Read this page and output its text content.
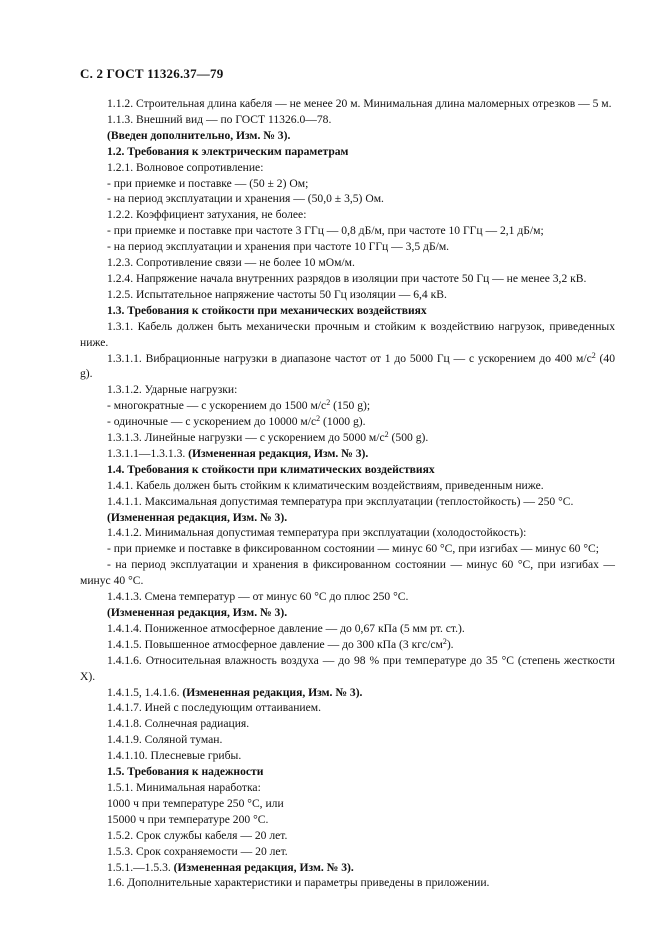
С. 2 ГОСТ 11326.37—79

1.1.2. Строительная длина кабеля — не менее 20 м. Минимальная длина маломерных отрезков — 5 м.

1.1.3. Внешний вид — по ГОСТ 11326.0—78.

(Введен дополнительно, Изм. № 3).

1.2. Требования к электрическим параметрам

1.2.1. Волновое сопротивление:

- при приемке и поставке — (50 ± 2) Ом;

- на период эксплуатации и хранения — (50,0 ± 3,5) Ом.

1.2.2. Коэффициент затухания, не более:

- при приемке и поставке при частоте 3 ГГц — 0,8 дБ/м, при частоте 10 ГГц — 2,1 дБ/м;

- на период эксплуатации и хранения при частоте 10 ГГц — 3,5 дБ/м.

1.2.3. Сопротивление связи — не более 10 мОм/м.

1.2.4. Напряжение начала внутренних разрядов в изоляции при частоте 50 Гц — не менее 3,2 кВ.

1.2.5. Испытательное напряжение частоты 50 Гц изоляции — 6,4 кВ.

1.3. Требования к стойкости при механических воздействиях

1.3.1. Кабель должен быть механически прочным и стойким к воздействию нагрузок, приведенных ниже.

1.3.1.1. Вибрационные нагрузки в диапазоне частот от 1 до 5000 Гц — с ускорением до 400 $м/с^2$ (40 g).

1.3.1.2. Ударные нагрузки:

- многократные — с ускорением до 1500 $м/с^2$ (150 g);

- одиночные — с ускорением до 10000 $м/с^2$ (1000 g).

1.3.1.3. Линейные нагрузки — с ускорением до 5000 $м/с^2$ (500 g).

1.3.1.1—1.3.1.3. (Измененная редакция, Изм. № 3).

1.4. Требования к стойкости при климатических воздействиях

1.4.1. Кабель должен быть стойким к климатическим воздействиям, приведенным ниже.

1.4.1.1. Максимальная допустимая температура при эксплуатации (теплостойкость) — 250 °С.

(Измененная редакция, Изм. № 3).

1.4.1.2. Минимальная допустимая температура при эксплуатации (холодостойкость):

- при приемке и поставке в фиксированном состоянии — минус 60 °С, при изгибах — минус 60 °С;

- на период эксплуатации и хранения в фиксированном состоянии — минус 60 °С, при изгибах — минус 40 °С.

1.4.1.3. Смена температур — от минус 60 °С до плюс 250 °С.

(Измененная редакция, Изм. № 3).

1.4.1.4. Пониженное атмосферное давление — до 0,67 кПа (5 мм рт. ст.).

1.4.1.5. Повышенное атмосферное давление — до 300 кПа (3 кгс/$см^2$).

1.4.1.6. Относительная влажность воздуха — до 98 % при температуре до 35 °С (степень жесткости X).

1.4.1.5, 1.4.1.6. (Измененная редакция, Изм. № 3).

1.4.1.7. Иней с последующим оттаиванием.

1.4.1.8. Солнечная радиация.

1.4.1.9. Соляной туман.

1.4.1.10. Плесневые грибы.

1.5. Требования к надежности

1.5.1. Минимальная наработка:

1000 ч при температуре 250 °С, или

15000 ч при температуре 200 °С.

1.5.2. Срок службы кабеля — 20 лет.

1.5.3. Срок сохраняемости — 20 лет.

1.5.1.—1.5.3. (Измененная редакция, Изм. № 3).

1.6. Дополнительные характеристики и параметры приведены в приложении.
